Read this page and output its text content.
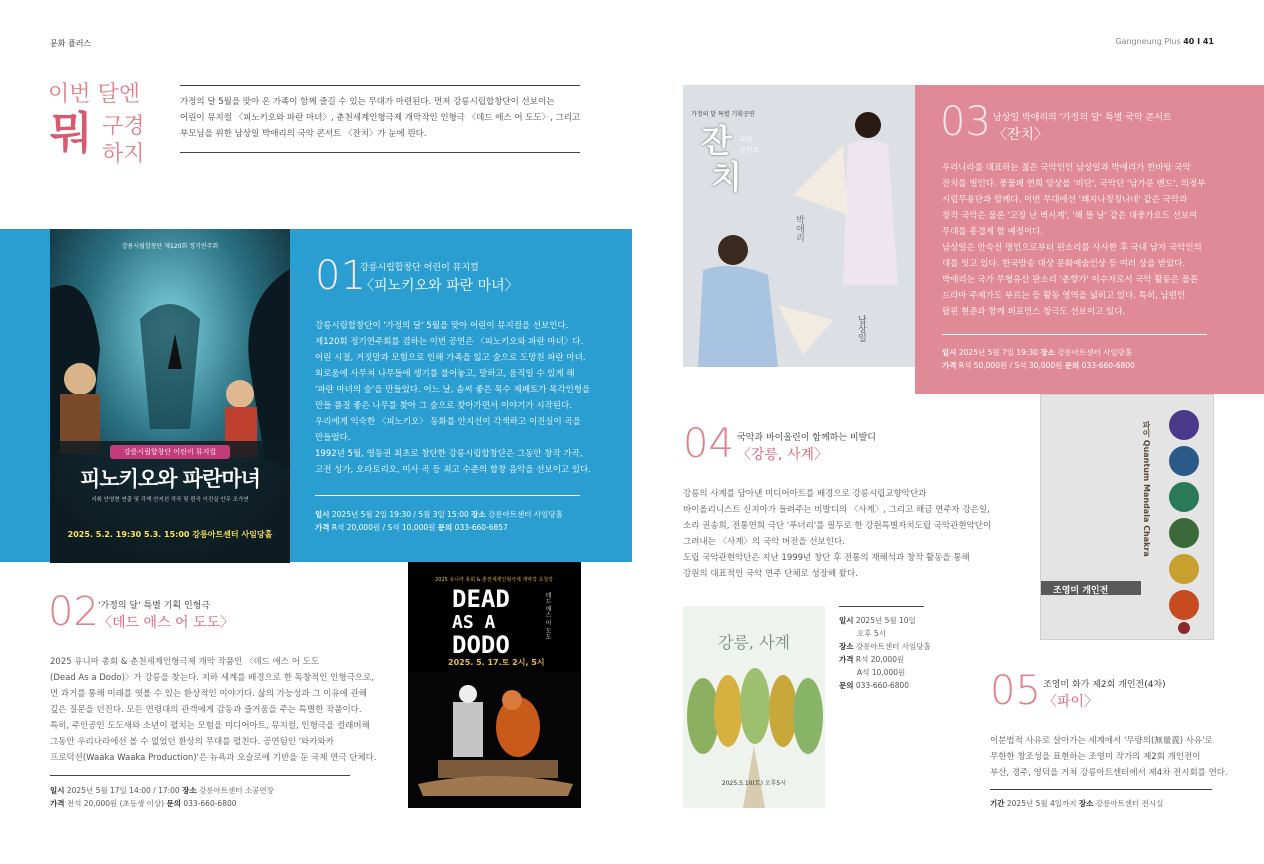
문화 플러스	Gangneung Plus 40 I 41
이번 달엔
뭐 구경
하지

가정의 달 5월을 맞아 온 가족이 함께 즐길 수 있는 무대가 마련된다. 먼저 강릉시립합창단이 선보이는

어린이 뮤지컬 〈피노키오와 파란 마녀〉, 춘천세계인형극제 개막작인 인형극 〈데드 애스 어 도도〉, 그리고

부모님을 위한 남상일 박애리의 국악 콘서트 〈잔치〉가 눈에 띈다.

강릉시립합창단 제120회 정기연주회
강릉시립합창단 어린이 뮤지컬
피노키오와 파란마녀
지휘 안영현 연출 및 각색 안지선 작곡 및 편곡 이진실 안무 조가연
2025. 5.2. 19:30 5.3. 15:00 강릉아트센터 사임당홀
01
강릉시립합창단 어린이 뮤지컬
〈피노키오와 파란 마녀〉

강릉시립합창단이 '가정의 달' 5월을 맞아 어린이 뮤지컬을 선보인다.

제120회 정기연주회를 겸하는 이번 공연은 〈피노키오와 파란 마녀〉다.

어린 시절, 거짓말과 모험으로 인해 가족을 잃고 숲으로 도망친 파란 마녀.

외로움에 사무쳐 나무들에 생기를 불어놓고, 말하고, 움직일 수 있게 해

'파란 마녀의 숲'을 만들었다. 어느 날, 솜씨 좋은 목수 제페토가 목각인형을

만들 품질 좋은 나무를 찾아 그 숲으로 찾아가면서 이야기가 시작된다.

우리에게 익숙한 〈피노키오〉 동화를 안지선이 각색하고 이진실이 곡을

만들었다.

1992년 5월, 영동권 최초로 창단한 강릉시립합창단은 그동안 창작 가곡,

고전 성가, 오라토리오, 미사 곡 등 최고 수준의 합창 음악을 선보이고 있다.

일시 2025년 5월 2일 19:30 / 5월 3일 15:00 장소 강릉아트센터 사임당홀
가격 R석 20,000원 / S석 10,000원 문의 033-660-6857
02 '가정의 달' 특별 기획 인형극
〈데드 애스 어 도도〉

2025 유니마 총회 & 춘천세계인형극제 개막 작품인 〈데드 애스 어 도도

(Dead As a Dodo)〉가 강릉을 찾는다. 지하 세계를 배경으로 한 독창적인 인형극으로,

먼 과거를 통해 미래를 엿볼 수 있는 환상적인 이야기다. 삶의 가능성과 그 이유에 관해

깊은 질문을 던진다. 모든 연령대의 관객에게 감동과 즐거움을 주는 특별한 작품이다.

특히, 주인공인 도도새와 소년이 펼치는 모험을 미디어아트, 뮤지컬, 인형극을 컬래버해

그동안 우리나라에선 볼 수 없었던 환상의 무대를 펼친다. 공연팀인 '와카와카

프로덕션(Waaka Waaka Production)'은 뉴욕과 오슬로에 기반을 둔 국제 연극 단체다.

일시 2025년 5월 17일 14:00 / 17:00 장소 강릉아트센터 소공연장
가격 전석 20,000원 (초등생 이상) 문의 033-660-6800
2025 유니마 총회 & 춘천세계인형극제 개막작 초청작
DEAD
AS A
DODO
데드 애스 어 도도
2025. 5. 17.토 2시, 5시
가정의 달 특별 기획공연
잔
치
국악
콘서트
박애리
남상일
03 남상일 박애리의 '가정의 달' 특별 국악 콘서트
〈잔치〉

우리나라를 대표하는 젊은 국악인인 남상일과 박애리가 한바탕 국악

잔치를 벌인다. 풍물패 연희 앙상블 '비단', 국악단 '남가문 밴드', 의정부

시립무용단과 함께다. 이번 무대에선 '꽤지나칭칭나네' 같은 국악과

창작 국악은 물론 '고장 난 벽시계', '해 뜰 날' 같은 대중가요도 선보여

무대를 흥겹게 할 예정이다.

남상일은 안숙선 명인으로부터 판소리를 사사한 후 국내 남자 국악인의

대를 잇고 있다. 한국방송 대상 문화예술인상 등 여러 상을 받았다.

박애리는 국가 무형유산 판소리 '춘향가' 이수자로서 국악 활동은 물론

드라마 주제가도 부르는 등 활동 영역을 넓히고 있다. 특히, 남편인

팝핀 현준과 함께 퍼포먼스 창극도 선보이고 있다.

일시 2025년 5월 7일 19:30 장소 강릉아트센터 사임당홀
가격 R석 50,000원 / S석 30,000원 문의 033-660-6800
04 국악과 바이올린이 함께하는 비발디
〈강릉, 사계〉

강릉의 사계를 담아낸 미디어아트를 배경으로 강릉시립교향악단과

바이올리니스트 신지아가 들려주는 비발디의 〈사계〉, 그리고 해금 연주자 강은일,

소리 권송희, 전통연희 극단 '푸너리'를 필두로 한 강원특별자치도립 국악관현악단이

그려내는 〈사계〉의 국악 버전을 선보인다.

도립 국악관현악단은 지난 1999년 창단 후 전통의 재해석과 창작 활동을 통해

강원의 대표적인 국악 연주 단체로 성장해 왔다.

강릉, 사계
2025.5.10(토) 오후5시
일시 2025년 5월 10일
오후 5시
장소 강릉아트센터 사임당홀
가격 R석 20,000원
A석 10,000원
문의 033-660-6800
파이 Quantum Mandala Chakra
조영미 개인전
05 조영미 화가 제2회 개인전(4차)
〈파이〉

이분법적 사유로 살아가는 세계에서 '무량의(無量義) 사유'로

무한한 창조성을 표현하는 조영미 작가의 제2회 개인전이

부산, 경주, 영덕을 거쳐 강릉아트센터에서 제4차 전시회를 연다.

기간 2025년 5월 4일까지 장소 강릉아트센터 전시실
